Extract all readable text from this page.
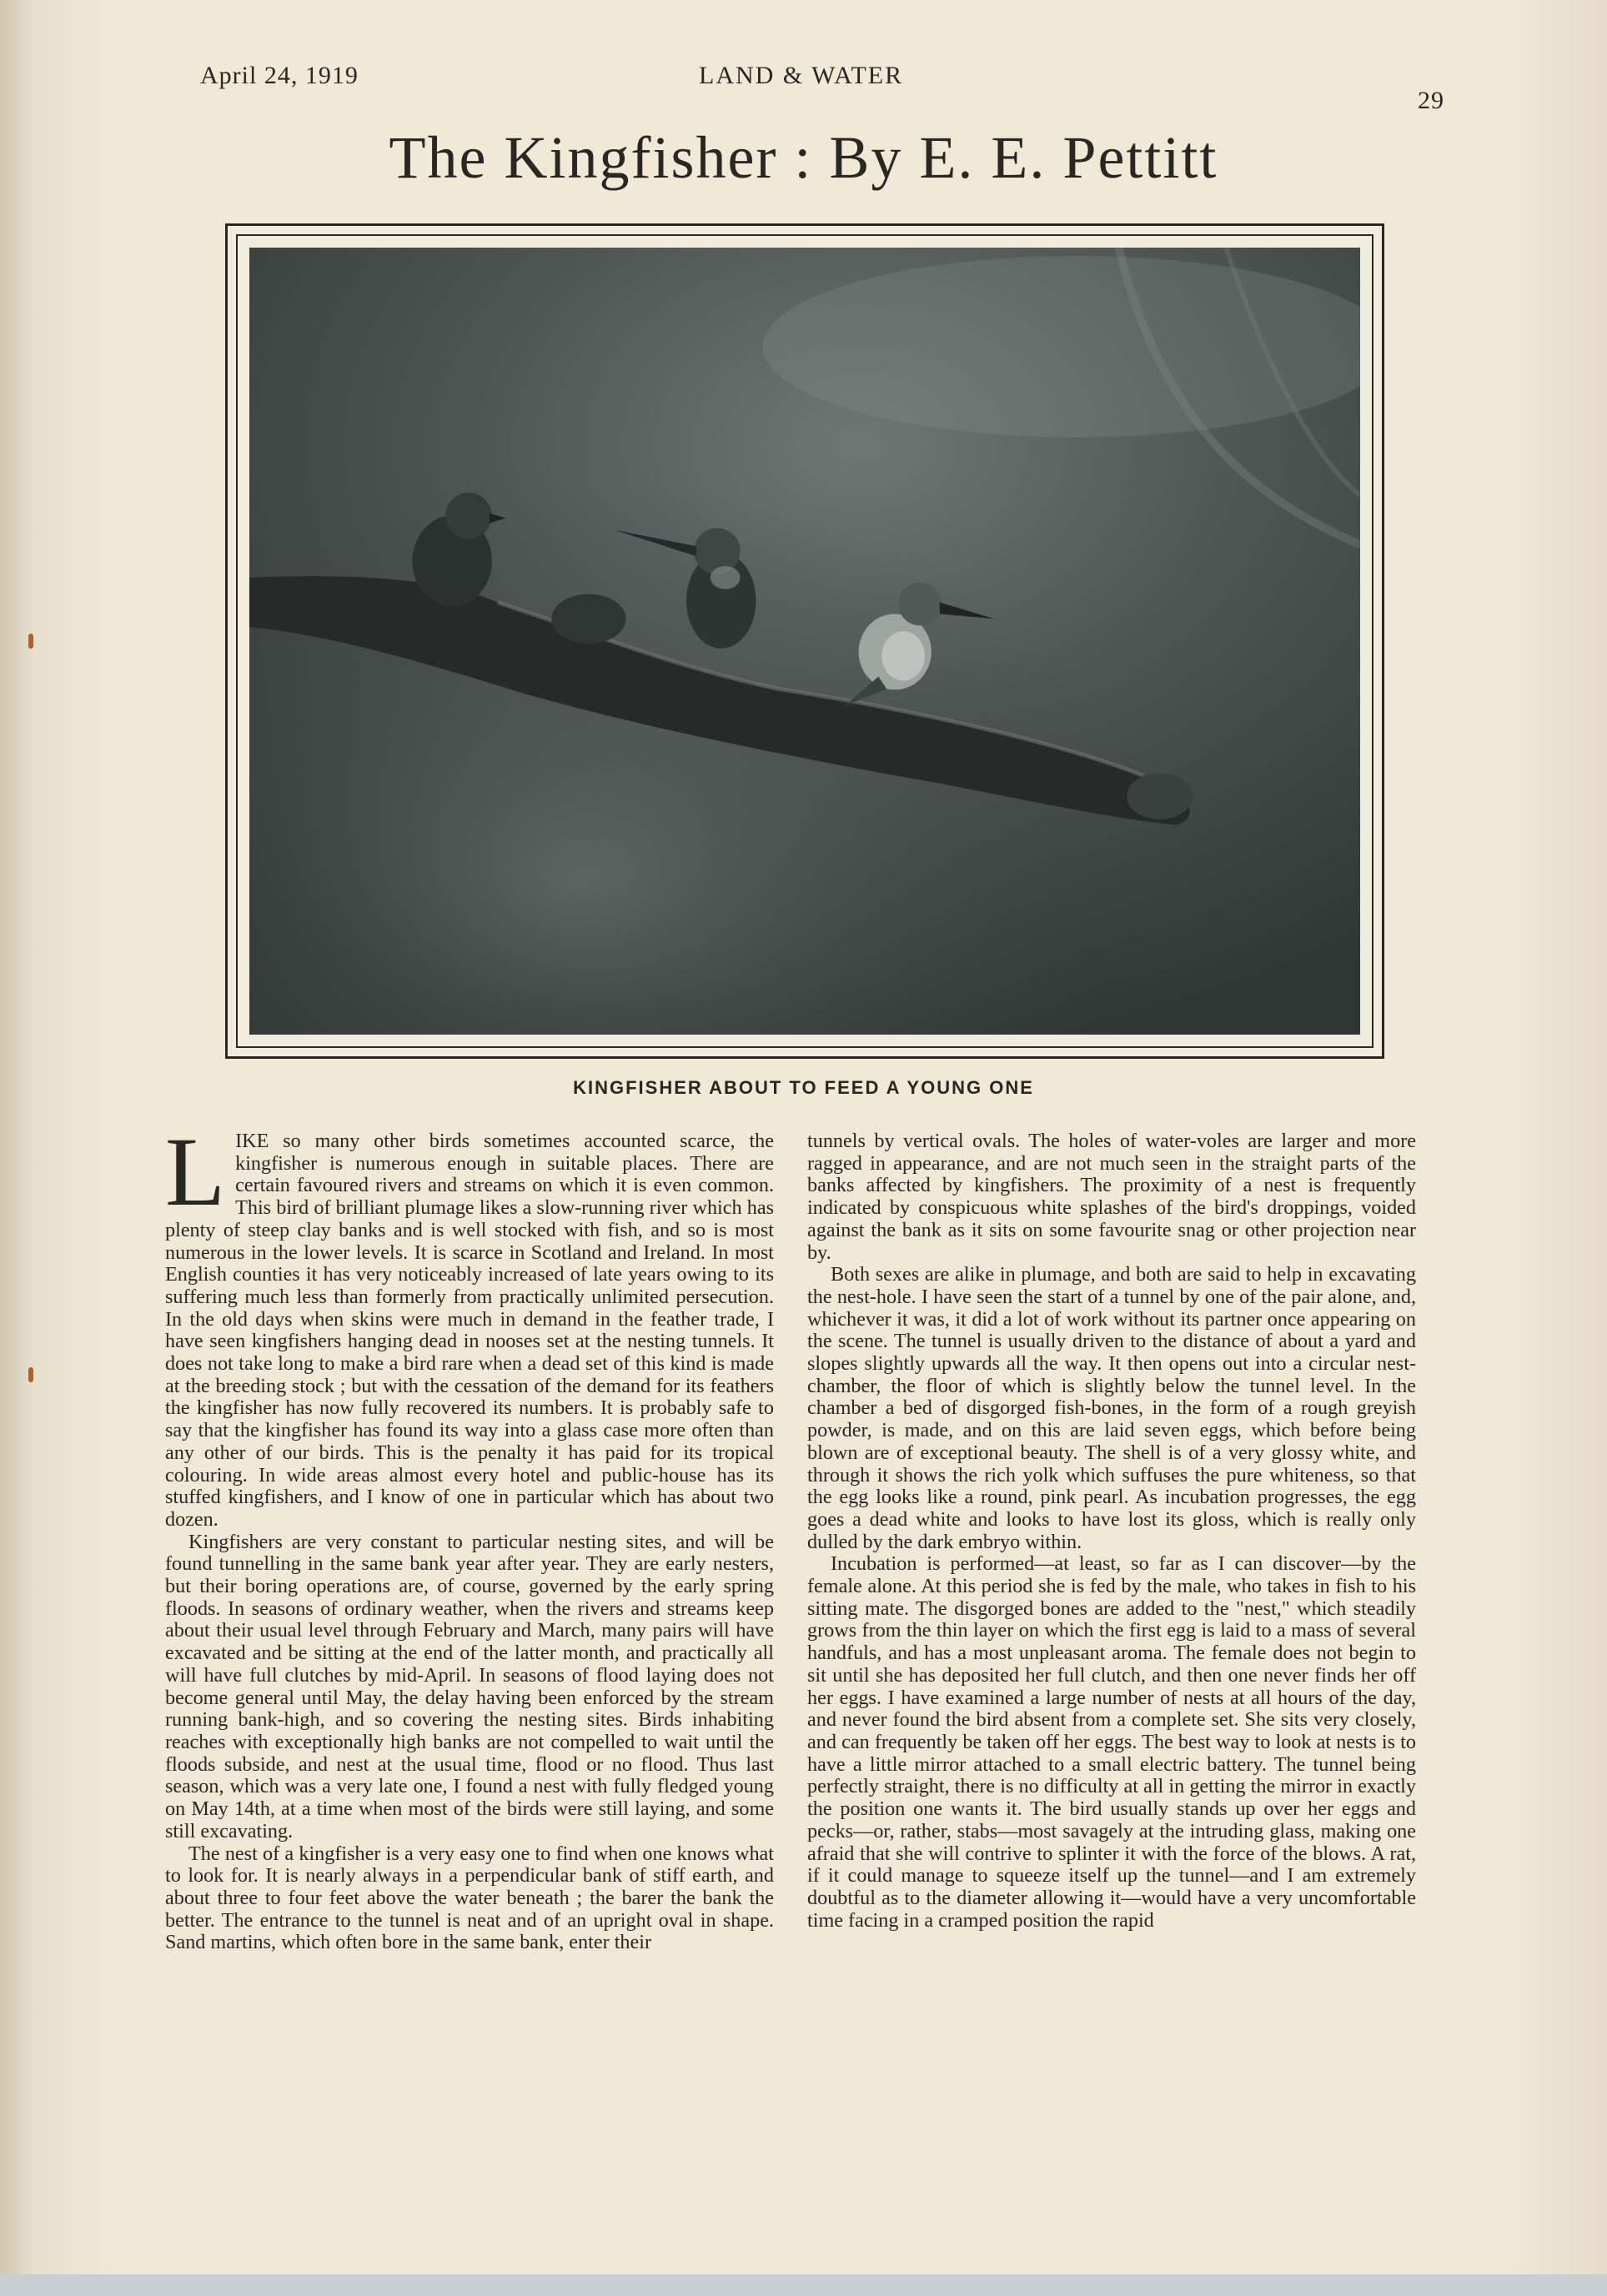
April 24, 1919	LAND & WATER
29
The Kingfisher : By E. E. Pettitt
KINGFISHER ABOUT TO FEED A YOUNG ONE

LIKE so many other birds sometimes accounted scarce, the kingfisher is numerous enough in suitable places. There are certain favoured rivers and streams on which it is even common. This bird of brilliant plumage likes a slow-running river which has plenty of steep clay banks and is well stocked with fish, and so is most numerous in the lower levels. It is scarce in Scotland and Ireland. In most English counties it has very noticeably increased of late years owing to its suffering much less than formerly from practically unlimited persecution. In the old days when skins were much in demand in the feather trade, I have seen kingfishers hanging dead in nooses set at the nesting tunnels. It does not take long to make a bird rare when a dead set of this kind is made at the breeding stock ; but with the cessation of the demand for its feathers the kingfisher has now fully recovered its numbers. It is probably safe to say that the kingfisher has found its way into a glass case more often than any other of our birds. This is the penalty it has paid for its tropical colouring. In wide areas almost every hotel and public-house has its stuffed kingfishers, and I know of one in particular which has about two dozen.

Kingfishers are very constant to particular nesting sites, and will be found tunnelling in the same bank year after year. They are early nesters, but their boring operations are, of course, governed by the early spring floods. In seasons of ordinary weather, when the rivers and streams keep about their usual level through February and March, many pairs will have excavated and be sitting at the end of the latter month, and practically all will have full clutches by mid-April. In seasons of flood laying does not become general until May, the delay having been enforced by the stream running bank-high, and so covering the nesting sites. Birds inhabiting reaches with exceptionally high banks are not compelled to wait until the floods subside, and nest at the usual time, flood or no flood. Thus last season, which was a very late one, I found a nest with fully fledged young on May 14th, at a time when most of the birds were still laying, and some still excavating.

The nest of a kingfisher is a very easy one to find when one knows what to look for. It is nearly always in a perpendicular bank of stiff earth, and about three to four feet above the water beneath ; the barer the bank the better. The entrance to the tunnel is neat and of an upright oval in shape. Sand martins, which often bore in the same bank, enter their

tunnels by vertical ovals. The holes of water-voles are larger and more ragged in appearance, and are not much seen in the straight parts of the banks affected by kingfishers. The proximity of a nest is frequently indicated by conspicuous white splashes of the bird's droppings, voided against the bank as it sits on some favourite snag or other projection near by.

Both sexes are alike in plumage, and both are said to help in excavating the nest-hole. I have seen the start of a tunnel by one of the pair alone, and, whichever it was, it did a lot of work without its partner once appearing on the scene. The tunnel is usually driven to the distance of about a yard and slopes slightly upwards all the way. It then opens out into a circular nest-chamber, the floor of which is slightly below the tunnel level. In the chamber a bed of disgorged fish-bones, in the form of a rough greyish powder, is made, and on this are laid seven eggs, which before being blown are of exceptional beauty. The shell is of a very glossy white, and through it shows the rich yolk which suffuses the pure whiteness, so that the egg looks like a round, pink pearl. As incubation progresses, the egg goes a dead white and looks to have lost its gloss, which is really only dulled by the dark embryo within.

Incubation is performed—at least, so far as I can discover—by the female alone. At this period she is fed by the male, who takes in fish to his sitting mate. The disgorged bones are added to the "nest," which steadily grows from the thin layer on which the first egg is laid to a mass of several handfuls, and has a most unpleasant aroma. The female does not begin to sit until she has deposited her full clutch, and then one never finds her off her eggs. I have examined a large number of nests at all hours of the day, and never found the bird absent from a complete set. She sits very closely, and can frequently be taken off her eggs. The best way to look at nests is to have a little mirror attached to a small electric battery. The tunnel being perfectly straight, there is no difficulty at all in getting the mirror in exactly the position one wants it. The bird usually stands up over her eggs and pecks—or, rather, stabs—most savagely at the intruding glass, making one afraid that she will contrive to splinter it with the force of the blows. A rat, if it could manage to squeeze itself up the tunnel—and I am extremely doubtful as to the diameter allowing it—would have a very uncomfortable time facing in a cramped position the rapid
